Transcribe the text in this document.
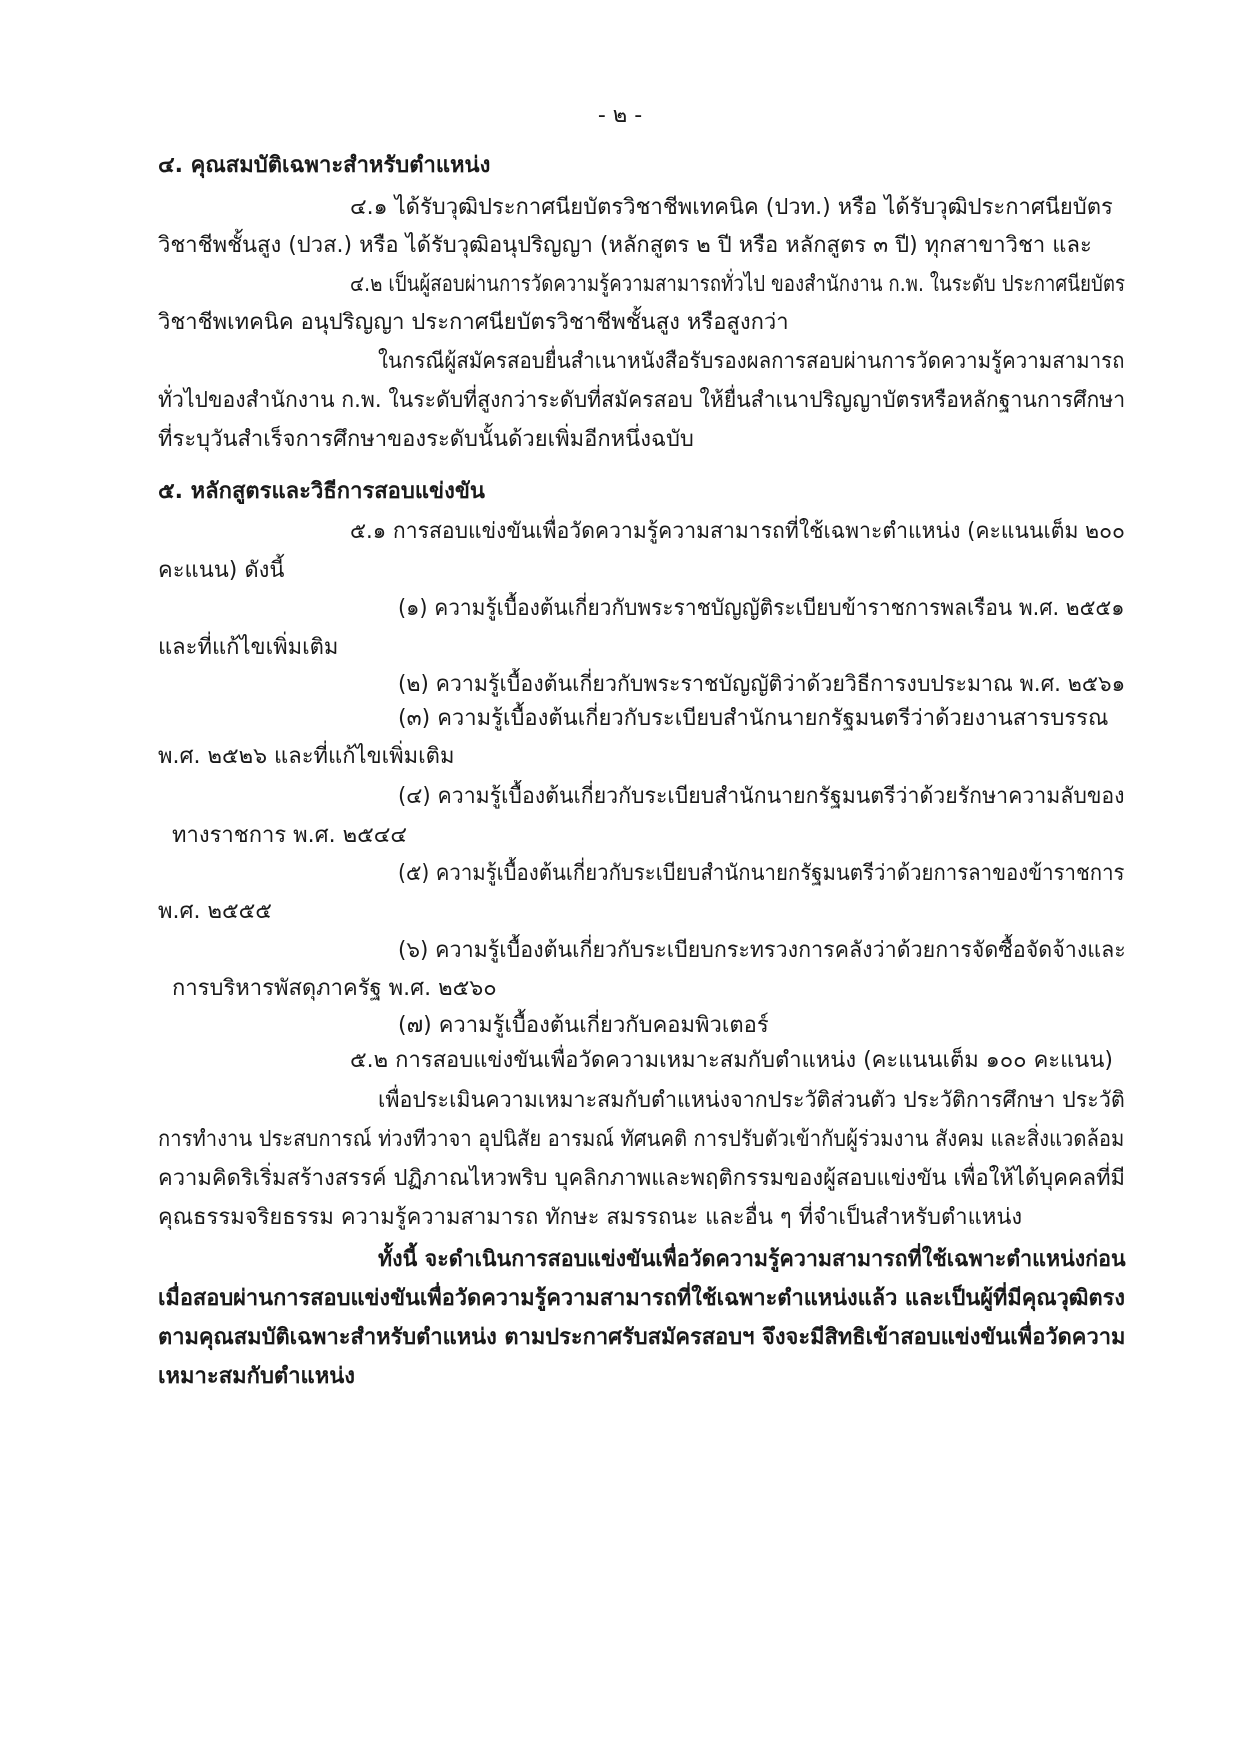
- ๒ -
๔. คุณสมบัติเฉพาะสำหรับตำแหน่ง
๔.๑ ได้รับวุฒิประกาศนียบัตรวิชาชีพเทคนิค (ปวท.) หรือ ได้รับวุฒิประกาศนียบัตร
วิชาชีพชั้นสูง (ปวส.) หรือ ได้รับวุฒิอนุปริญญา (หลักสูตร ๒ ปี หรือ หลักสูตร ๓ ปี) ทุกสาขาวิชา และ
๔.๒ เป็นผู้สอบผ่านการวัดความรู้ความสามารถทั่วไป ของสำนักงาน ก.พ. ในระดับ ประกาศนียบัตร
วิชาชีพเทคนิค อนุปริญญา ประกาศนียบัตรวิชาชีพชั้นสูง หรือสูงกว่า
ในกรณีผู้สมัครสอบยื่นสำเนาหนังสือรับรองผลการสอบผ่านการวัดความรู้ความสามารถ
ทั่วไปของสำนักงาน ก.พ. ในระดับที่สูงกว่าระดับที่สมัครสอบ ให้ยื่นสำเนาปริญญาบัตรหรือหลักฐานการศึกษา
ที่ระบุวันสำเร็จการศึกษาของระดับนั้นด้วยเพิ่มอีกหนึ่งฉบับ
๕. หลักสูตรและวิธีการสอบแข่งขัน
๕.๑ การสอบแข่งขันเพื่อวัดความรู้ความสามารถที่ใช้เฉพาะตำแหน่ง (คะแนนเต็ม ๒๐๐
คะแนน) ดังนี้
(๑) ความรู้เบื้องต้นเกี่ยวกับพระราชบัญญัติระเบียบข้าราชการพลเรือน พ.ศ. ๒๕๕๑
และที่แก้ไขเพิ่มเติม
(๒) ความรู้เบื้องต้นเกี่ยวกับพระราชบัญญัติว่าด้วยวิธีการงบประมาณ พ.ศ. ๒๕๖๑
(๓) ความรู้เบื้องต้นเกี่ยวกับระเบียบสำนักนายกรัฐมนตรีว่าด้วยงานสารบรรณ
พ.ศ. ๒๕๒๖ และที่แก้ไขเพิ่มเติม
(๔) ความรู้เบื้องต้นเกี่ยวกับระเบียบสำนักนายกรัฐมนตรีว่าด้วยรักษาความลับของ
ทางราชการ พ.ศ. ๒๕๔๔
(๕) ความรู้เบื้องต้นเกี่ยวกับระเบียบสำนักนายกรัฐมนตรีว่าด้วยการลาของข้าราชการ
พ.ศ. ๒๕๕๕
(๖) ความรู้เบื้องต้นเกี่ยวกับระเบียบกระทรวงการคลังว่าด้วยการจัดซื้อจัดจ้างและ
การบริหารพัสดุภาครัฐ พ.ศ. ๒๕๖๐
(๗) ความรู้เบื้องต้นเกี่ยวกับคอมพิวเตอร์
๕.๒ การสอบแข่งขันเพื่อวัดความเหมาะสมกับตำแหน่ง (คะแนนเต็ม ๑๐๐ คะแนน)
เพื่อประเมินความเหมาะสมกับตำแหน่งจากประวัติส่วนตัว ประวัติการศึกษา ประวัติ
การทำงาน ประสบการณ์ ท่วงทีวาจา อุปนิสัย อารมณ์ ทัศนคติ การปรับตัวเข้ากับผู้ร่วมงาน สังคม และสิ่งแวดล้อม
ความคิดริเริ่มสร้างสรรค์ ปฏิภาณไหวพริบ บุคลิกภาพและพฤติกรรมของผู้สอบแข่งขัน เพื่อให้ได้บุคคลที่มี
คุณธรรมจริยธรรม ความรู้ความสามารถ ทักษะ สมรรถนะ และอื่น ๆ ที่จำเป็นสำหรับตำแหน่ง
ทั้งนี้ จะดำเนินการสอบแข่งขันเพื่อวัดความรู้ความสามารถที่ใช้เฉพาะตำแหน่งก่อน
เมื่อสอบผ่านการสอบแข่งขันเพื่อวัดความรู้ความสามารถที่ใช้เฉพาะตำแหน่งแล้ว และเป็นผู้ที่มีคุณวุฒิตรง
ตามคุณสมบัติเฉพาะสำหรับตำแหน่ง ตามประกาศรับสมัครสอบฯ จึงจะมีสิทธิเข้าสอบแข่งขันเพื่อวัดความ
เหมาะสมกับตำแหน่ง
